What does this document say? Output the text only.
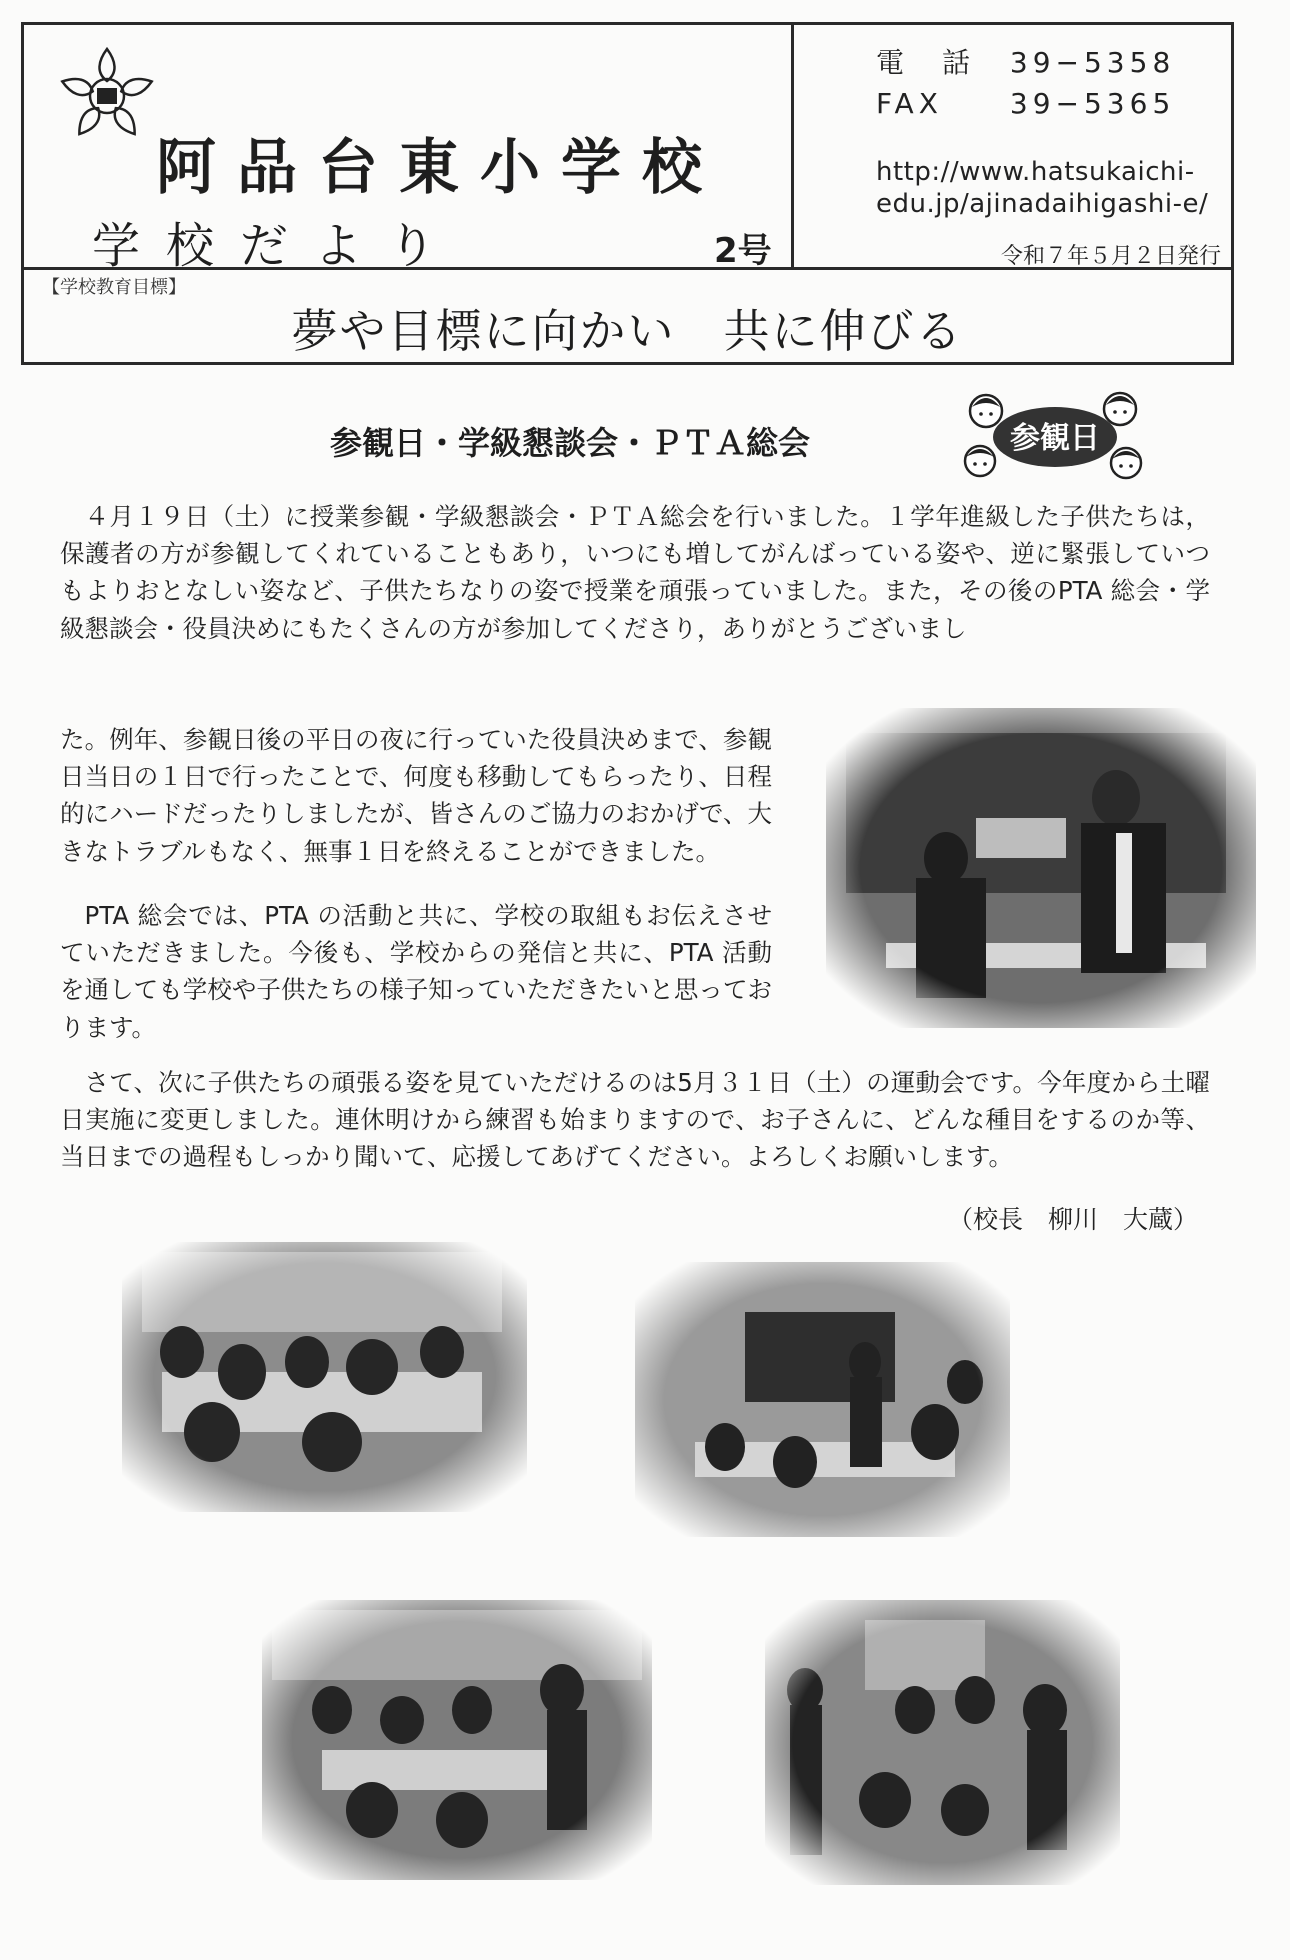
阿品台東小学校
学校だより	2号
電　話 39−5358
FAX 39−5365
http://www.hatsukaichi-
edu.jp/ajinadaihigashi-e/
令和７年５月２日発行
【学校教育目標】
夢や目標に向かい　共に伸びる
参観日・学級懇談会・ＰＴＡ総会	参観日

４月１９日（土）に授業参観・学級懇談会・ＰＴＡ総会を行いました。１学年進級した子供たちは，保護者の方が参観してくれていることもあり，いつにも増してがんばっている姿や、逆に緊張していつもよりおとなしい姿など、子供たちなりの姿で授業を頑張っていました。また，その後のPTA 総会・学級懇談会・役員決めにもたくさんの方が参加してくださり，ありがとうございまし

た。例年、参観日後の平日の夜に行っていた役員決めまで、参観日当日の１日で行ったことで、何度も移動してもらったり、日程的にハードだったりしましたが、皆さんのご協力のおかげで、大きなトラブルもなく、無事１日を終えることができました。

PTA 総会では、PTA の活動と共に、学校の取組もお伝えさせていただきました。今後も、学校からの発信と共に、PTA 活動を通しても学校や子供たちの様子知っていただきたいと思っております。

さて、次に子供たちの頑張る姿を見ていただけるのは5月３１日（土）の運動会です。今年度から土曜日実施に変更しました。連休明けから練習も始まりますので、お子さんに、どんな種目をするのか等、当日までの過程もしっかり聞いて、応援してあげてください。よろしくお願いします。

（校長　柳川　大蔵）
